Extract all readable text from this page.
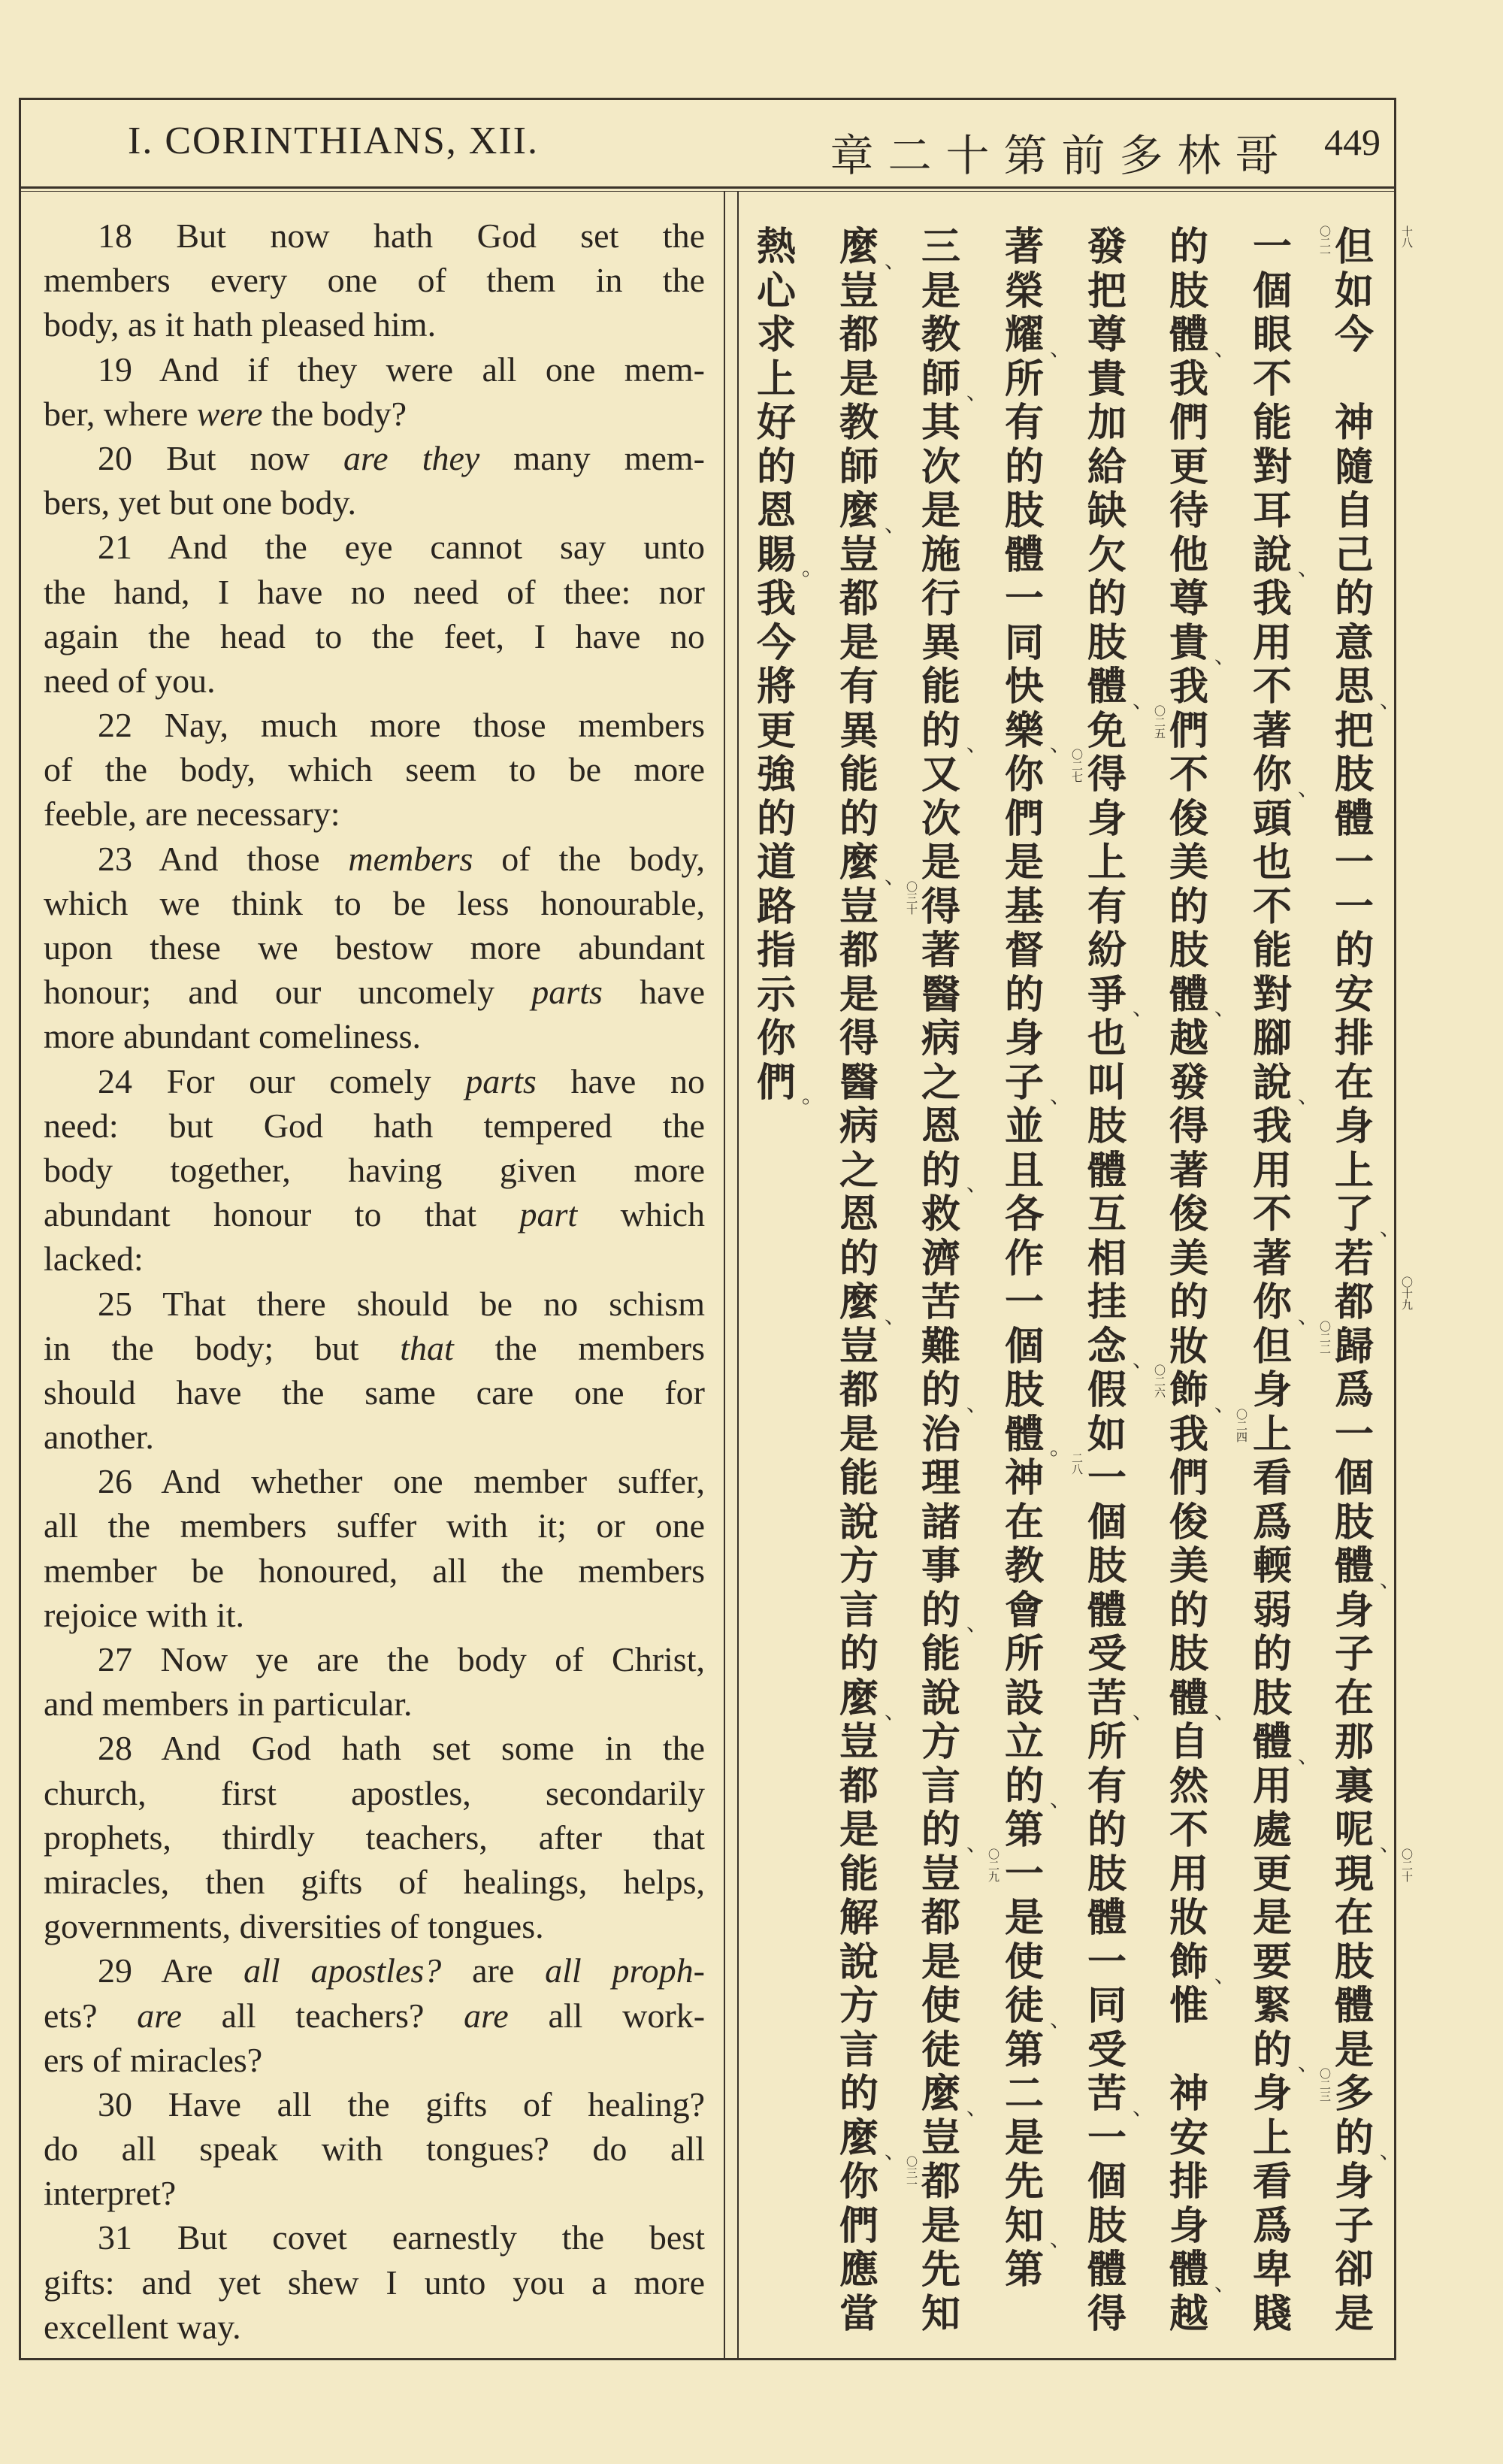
I. CORINTHIANS, XII.	哥
林
多
前
第
十
二
章	449
18 But now hath God set the
members every one of them in the
body, as it hath pleased him.
19 And if they were all one mem-
ber, where were the body?
20 But now are they many mem-
bers, yet but one body.
21 And the eye cannot say unto
the hand, I have no need of thee: nor
again the head to the feet, I have no
need of you.
22 Nay, much more those members
of the body, which seem to be more
feeble, are necessary:
23 And those members of the body,
which we think to be less honourable,
upon these we bestow more abundant
honour; and our uncomely parts have
more abundant comeliness.
24 For our comely parts have no
need: but God hath tempered the
body together, having given more
abundant honour to that part which
lacked:
25 That there should be no schism
in the body; but that the members
should have the same care one for
another.
26 And whether one member suffer,
all the members suffer with it; or one
member be honoured, all the members
rejoice with it.
27 Now ye are the body of Christ,
and members in particular.
28 And God hath set some in the
church, first apostles, secondarily
prophets, thirdly teachers, after that
miracles, then gifts of healings, helps,
governments, diversities of tongues.
29 Are all apostles? are all proph-
ets? are all teachers? are all work-
ers of miracles?
30 Have all the gifts of healing?
do all speak with tongues? do all
interpret?
31 But covet earnestly the best
gifts: and yet shew I unto you a more
excellent way.
十八
但
如
今

神
隨
自
己
的
意
思 、
把
肢
體
一
一
的
安
排
在
身
上
了 、
若
〇十九
都
歸
爲
一
個
肢
體 、
身
子
在
那
裏
呢 、
〇二十
現
在
肢
體
是
多
的 、
身
子
卻
是
〇二一
一
個
眼
不
能
對
耳
說 、
我
用
不
著
你 、
頭
也
不
能
對
腳
說 、
我
用
不
著
你 、
〇二二
但
身
上
看
爲
輭
弱
的
肢
體 、
用
處
更
是
要
緊
的 、
〇二三
身
上
看
爲
卑
賤
的
肢
體 、
我
們
更
待
他
尊
貴 、
我
們
不
俊
美
的
肢
體 、
越
發
得
著
俊
美
的
妝
飾 、
〇二四
我
們
俊
美
的
肢
體 、
自
然
不
用
妝
飾 、
惟

神
安
排
身
體 、
越
發
把
尊
貴
加
給
缺
欠
的
肢
體 、
〇二五
免
得
身
上
有
紛
爭 、
也
叫
肢
體
互
相
挂
念 、
〇二六
假
如
一
個
肢
體
受
苦 、
所
有
的
肢
體
一
同
受
苦 、
一
個
肢
體
得
著
榮
耀 、
所
有
的
肢
體
一
同
快
樂 、
〇二七
你
們
是
基
督
的
身
子 、
並
且
各
作
一
個
肢
體 。
二八
神
在
教
會
所
設
立
的 、
第
一
是
使
徒 、
第
二
是
先
知 、
第
三
是
教
師 、
其
次
是
施
行
異
能
的 、
又
次
是
得
著
醫
病
之
恩
的 、
救
濟
苦
難
的 、
治
理
諸
事
的 、
能
說
方
言
的 、
〇二九
豈
都
是
使
徒
麼 、
豈
都
是
先
知
麼 、
豈
都
是
教
師
麼 、
豈
都
是
有
異
能
的
麼 、
〇三十
豈
都
是
得
醫
病
之
恩
的
麼 、
豈
都
是
能
說
方
言
的
麼 、
豈
都
是
能
解
說
方
言
的
麼 、
〇三一
你
們
應
當
熱
心
求
上
好
的
恩
賜 。
我
今
將
更
強
的
道
路
指
示
你
們 。
